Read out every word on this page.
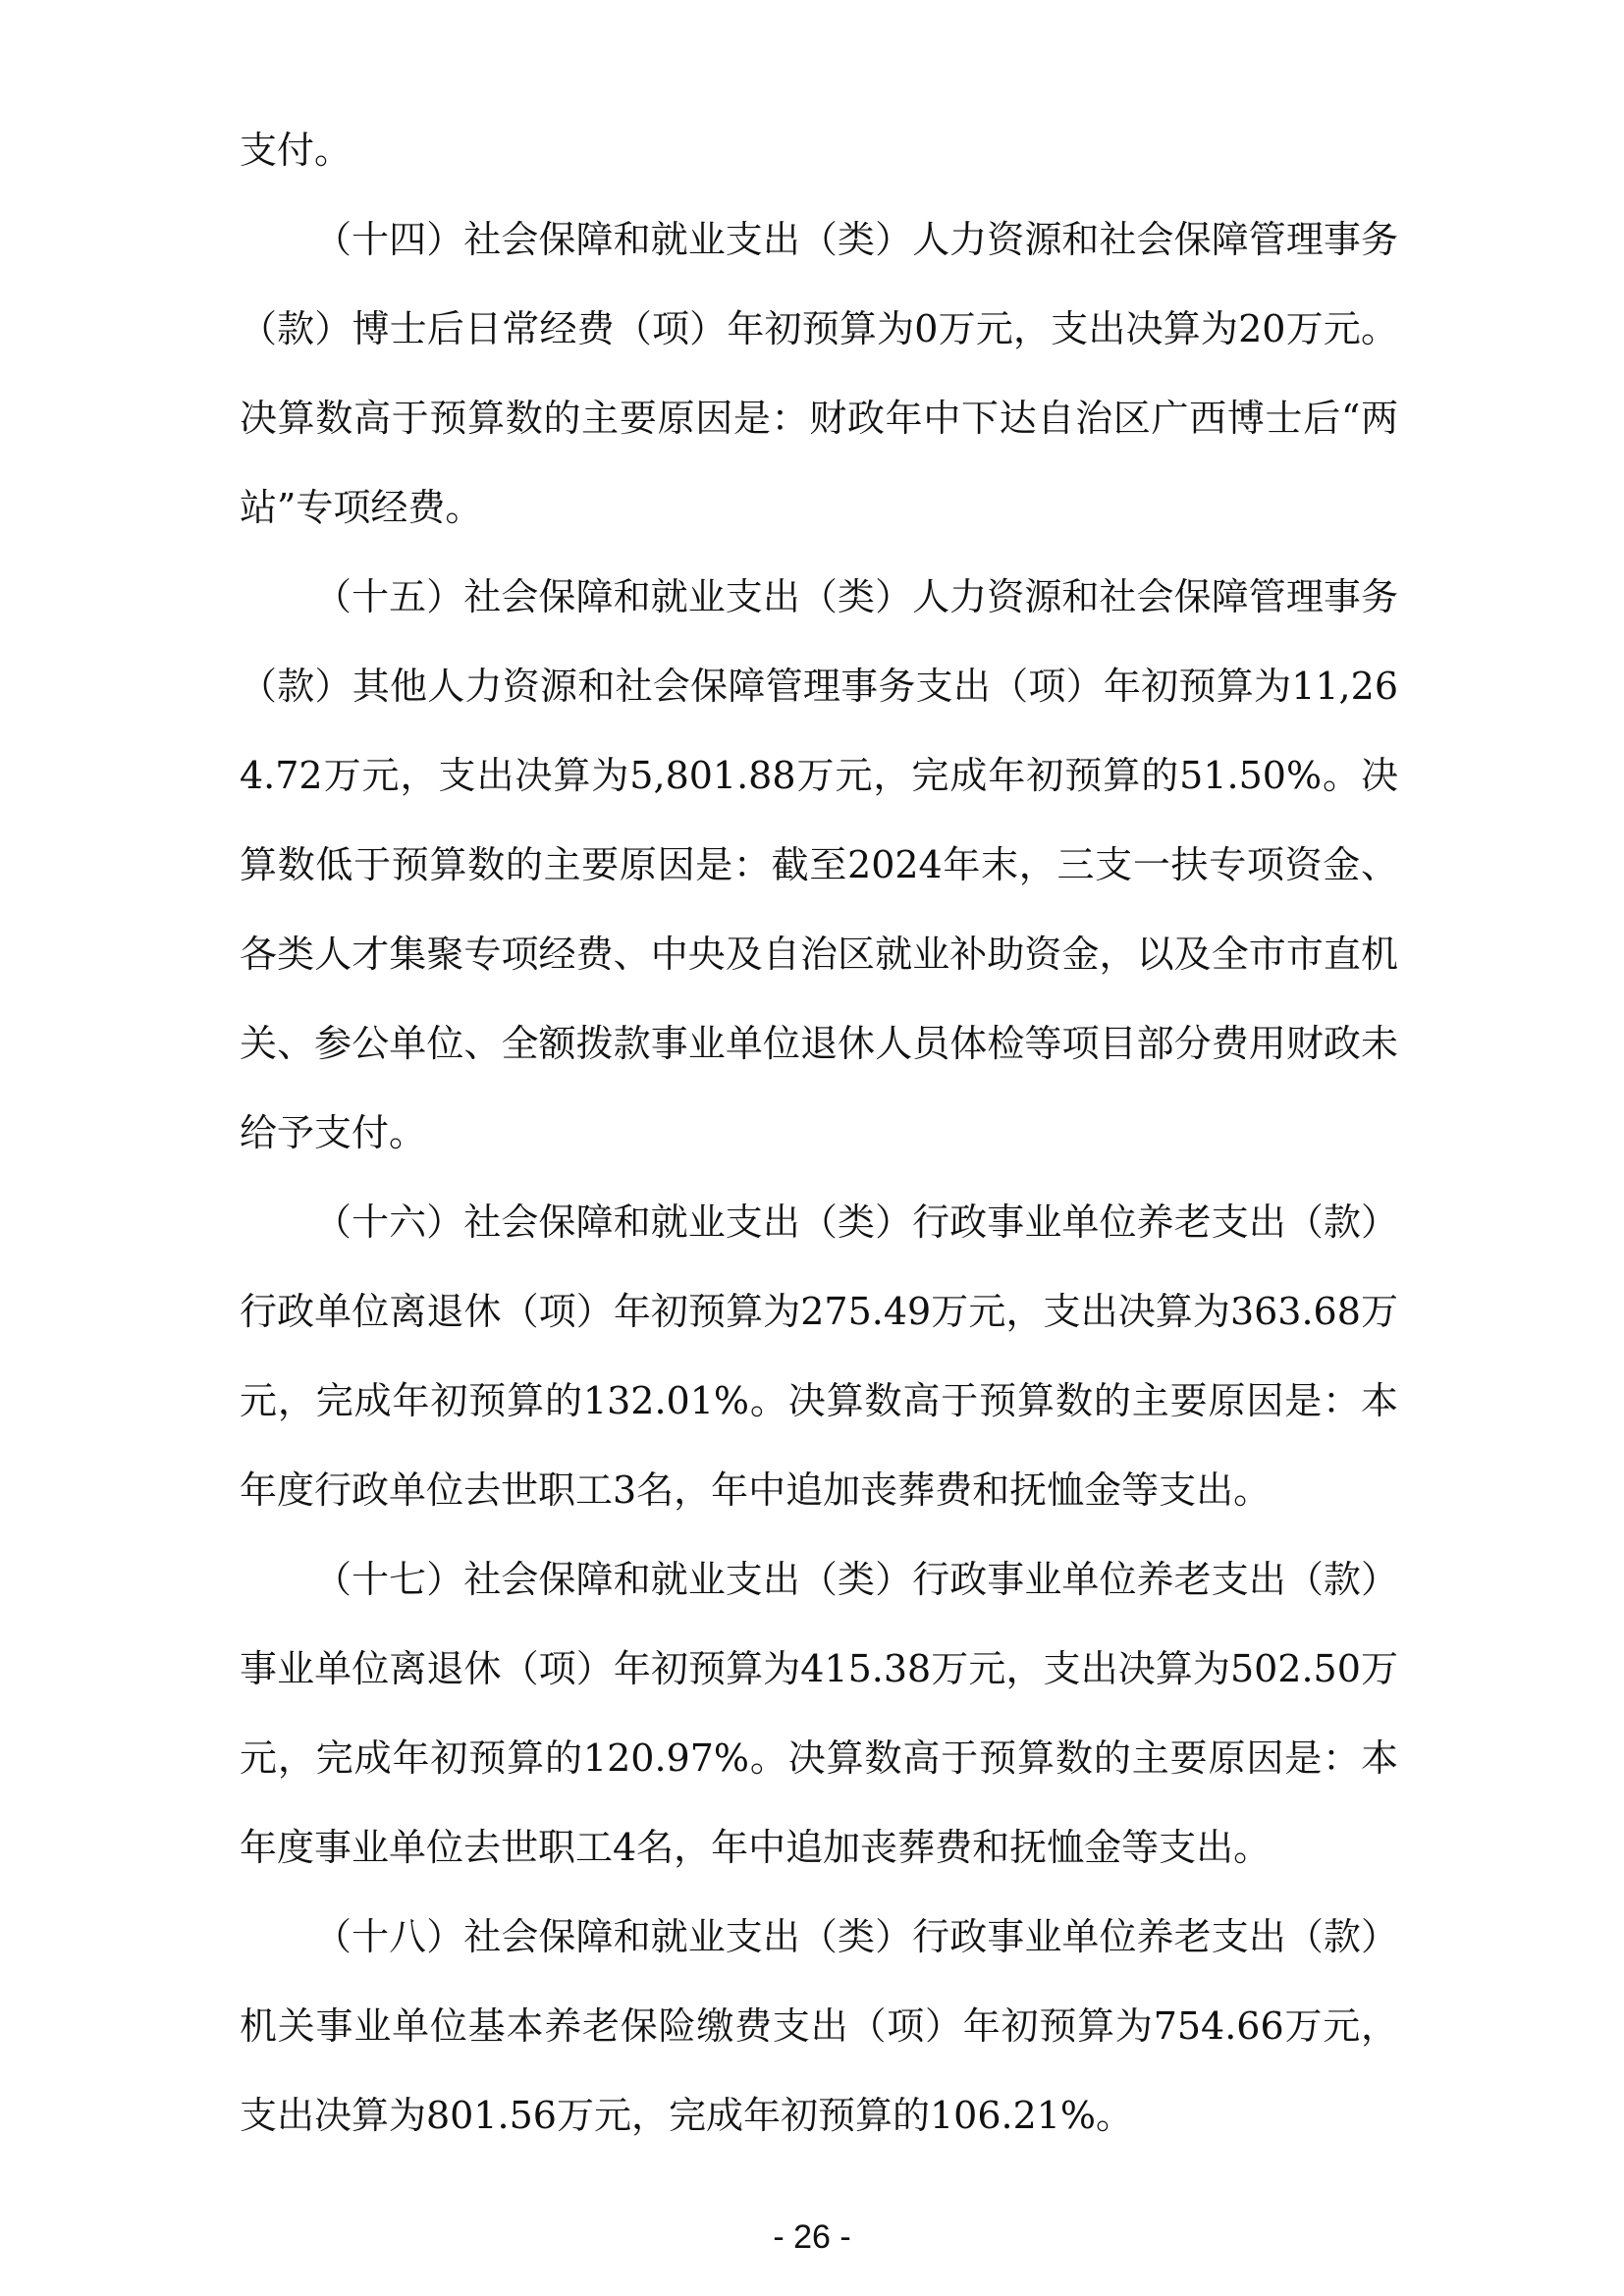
支付。

（十四）社会保障和就业支出（类）人力资源和社会保障管理事务（款）博士后日常经费（项）年初预算为0万元，支出决算为20万元。决算数高于预算数的主要原因是：财政年中下达自治区广西博士后“两站”专项经费。

（十五）社会保障和就业支出（类）人力资源和社会保障管理事务（款）其他人力资源和社会保障管理事务支出（项）年初预算为11,264.72万元，支出决算为5,801.88万元，完成年初预算的51.50%。决算数低于预算数的主要原因是：截至2024年末，三支一扶专项资金、各类人才集聚专项经费、中央及自治区就业补助资金，以及全市市直机关、参公单位、全额拨款事业单位退休人员体检等项目部分费用财政未给予支付。

（十六）社会保障和就业支出（类）行政事业单位养老支出（款）行政单位离退休（项）年初预算为275.49万元，支出决算为363.68万元，完成年初预算的132.01%。决算数高于预算数的主要原因是：本年度行政单位去世职工3名，年中追加丧葬费和抚恤金等支出。

（十七）社会保障和就业支出（类）行政事业单位养老支出（款）事业单位离退休（项）年初预算为415.38万元，支出决算为502.50万元，完成年初预算的120.97%。决算数高于预算数的主要原因是：本年度事业单位去世职工4名，年中追加丧葬费和抚恤金等支出。

（十八）社会保障和就业支出（类）行政事业单位养老支出（款）机关事业单位基本养老保险缴费支出（项）年初预算为754.66万元，支出决算为801.56万元，完成年初预算的106.21%。

- 26 -
